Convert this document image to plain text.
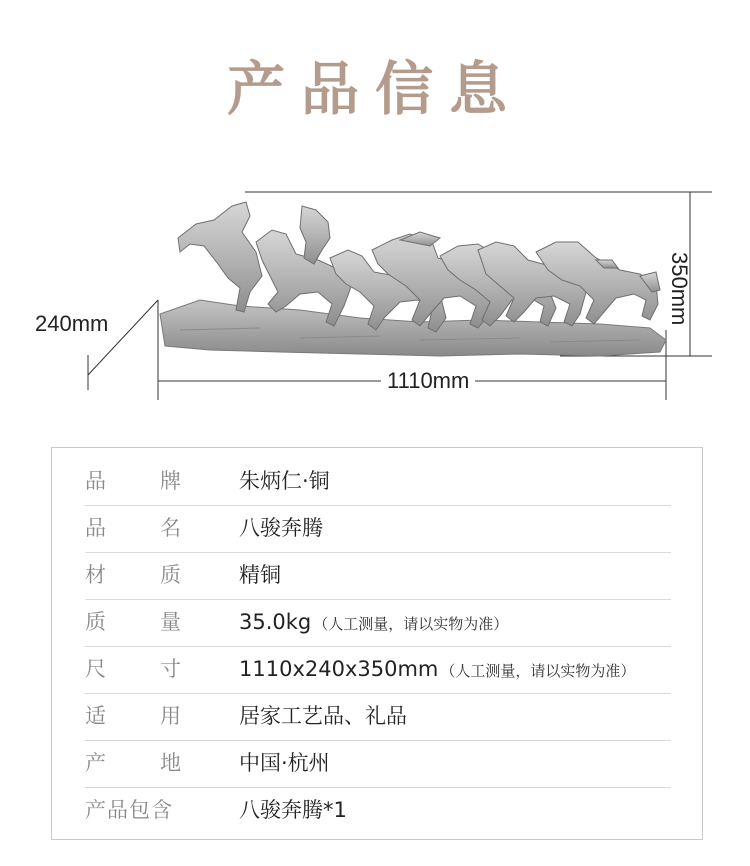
产品信息
240mm
1110mm
350mm
品	牌	朱炳仁·铜
品	名	八骏奔腾
材	质	精铜
质	量	35.0kg （人工测量，请以实物为准）
尺	寸	1110x240x350mm （人工测量，请以实物为准）
适	用	居家工艺品、礼品
产	地	中国·杭州
产品包含	八骏奔腾*1
